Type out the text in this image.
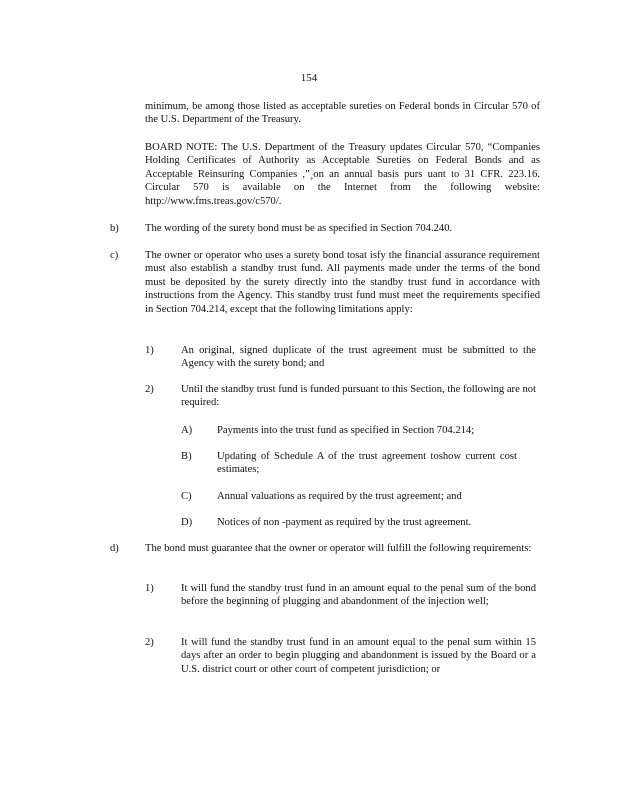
154

minimum, be among those listed as acceptable sureties on Federal bonds in Circular 570 of the U.S. Department of the Treasury.

BOARD NOTE: The U.S. Department of the Treasury updates Circular 570, “Companies Holding Certificates of Authority as Acceptable Sureties on Federal Bonds and as Acceptable Reinsuring Companies ,”¸on an annual basis purs uant to 31 CFR. 223.16. Circular 570 is available on the Internet from the following website: http://www.fms.treas.gov/c570/.

b) The wording of the surety bond must be as specified in Section 704.240.

c)	The owner or operator who uses a surety bond tosat isfy the financial assurance requirement must also establish a standby trust fund. All payments made under the terms of the bond must be deposited by the surety directly into the standby trust fund in accordance with instructions from the Agency. This standby trust fund must meet the requirements specified in Section 704.214, except that the following limitations apply:

1)	An original, signed duplicate of the trust agreement must be submitted to the Agency with the surety bond; and

2)	Until the standby trust fund is funded pursuant to this Section, the following are not required:

A) Payments into the trust fund as specified in Section 704.214;

B) Updating of Schedule A of the trust agreement toshow current cost estimates;

C) Annual valuations as required by the trust agreement; and

D) Notices of non -payment as required by the trust agreement.

d) The bond must guarantee that the owner or operator will fulfill the following requirements:

1)	It will fund the standby trust fund in an amount equal to the penal sum of the bond before the beginning of plugging and abandonment of the injection well;

2)	It will fund the standby trust fund in an amount equal to the penal sum within 15 days after an order to begin plugging and abandonment is issued by the Board or a U.S. district court or other court of competent jurisdiction; or
